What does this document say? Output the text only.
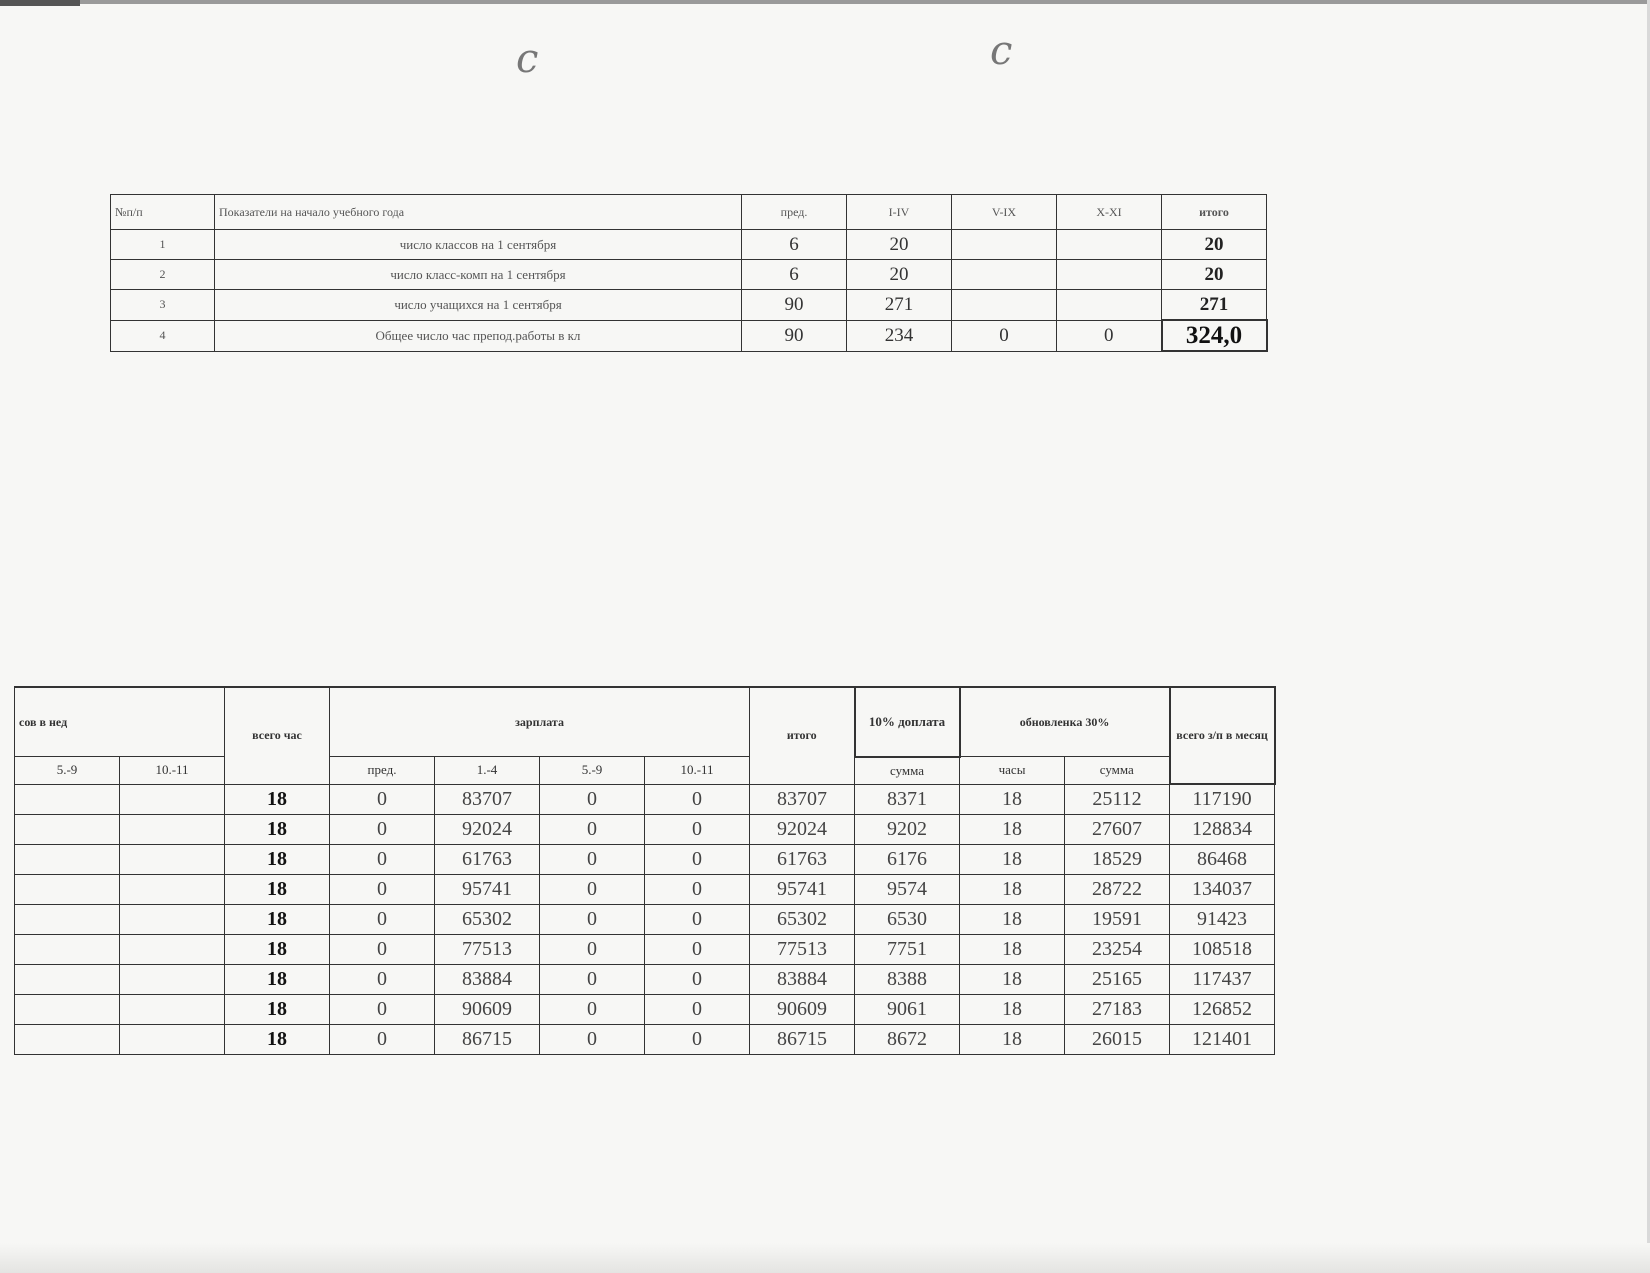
ϲ	ϲ
№п/п	Показатели на начало учебного года	пред.	I-IV	V-IX	X-XI	итого
1	число классов на 1 сентября	6	20			20
2	число класс-комп на 1 сентября	6	20			20
3	число учащихся на 1 сентября	90	271			271
4	Общее число час препод.работы в кл	90	234	0	0	324,0
сов в нед		всего час	зарплата				итого	10% доплата	обновленка 30%		всего з/п в месяц
5.-9	10.-11		пред.	1.-4	5.-9	10.-11		сумма	часы	сумма	
		18	0	83707	0	0	83707	8371	18	25112	117190
		18	0	92024	0	0	92024	9202	18	27607	128834
		18	0	61763	0	0	61763	6176	18	18529	86468
		18	0	95741	0	0	95741	9574	18	28722	134037
		18	0	65302	0	0	65302	6530	18	19591	91423
		18	0	77513	0	0	77513	7751	18	23254	108518
		18	0	83884	0	0	83884	8388	18	25165	117437
		18	0	90609	0	0	90609	9061	18	27183	126852
		18	0	86715	0	0	86715	8672	18	26015	121401
